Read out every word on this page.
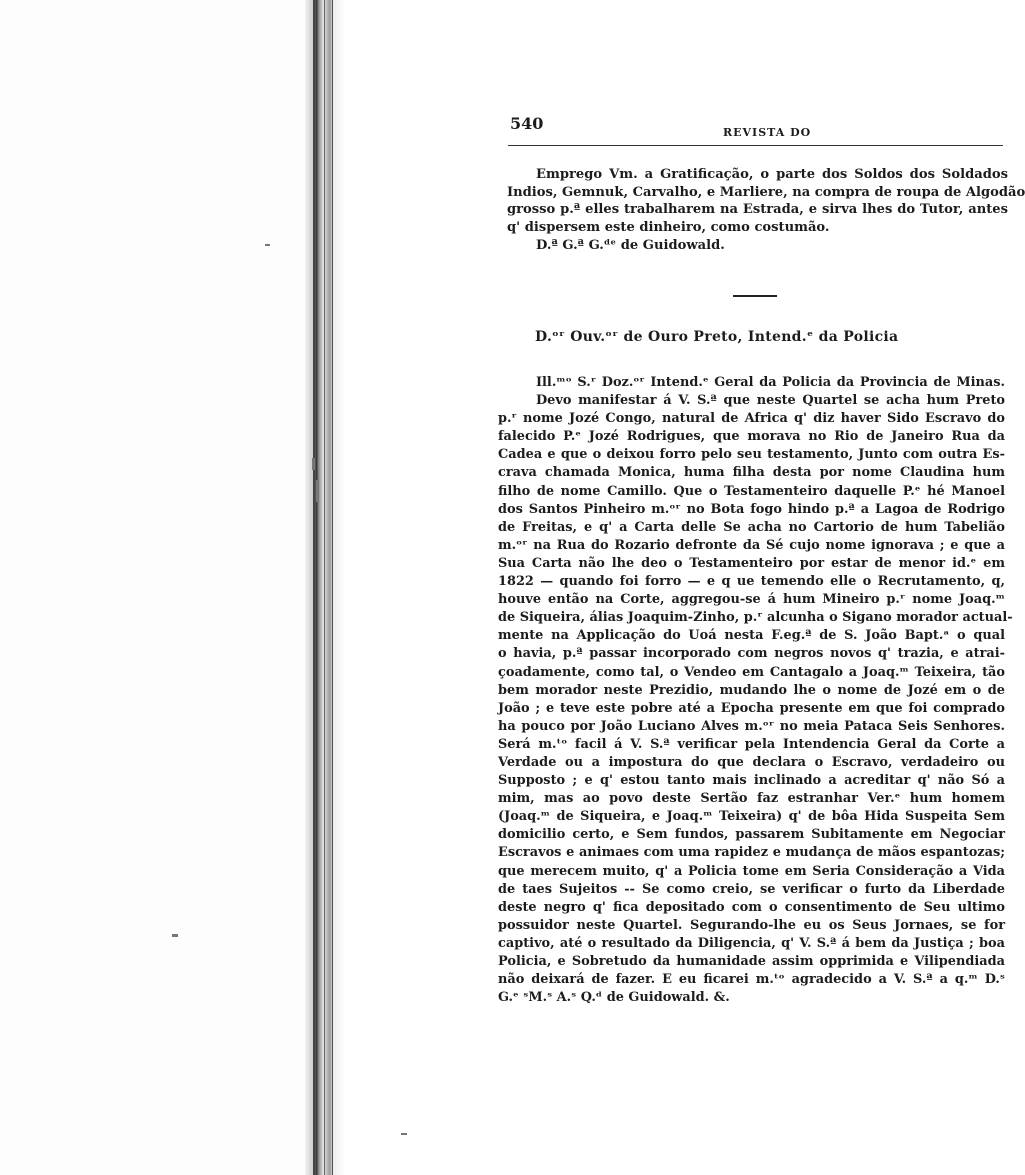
540	REVISTA DO
Emprego Vm. a Gratificação, o parte dos Soldos dos Soldados
Indios, Gemnuk, Carvalho, e Marliere, na compra de roupa de Algodão
grosso p.ª elles trabalharem na Estrada, e sirva lhes do Tutor, antes
q' dispersem este dinheiro, como costumão.
D.ª G.ª G.ᵈᵉ de Guidowald.
D.ᵒʳ Ouv.ᵒʳ de Ouro Preto, Intend.ᵉ da Policia
Ill.ᵐᵒ S.ʳ Doz.ᵒʳ Intend.ᵉ Geral da Policia da Provincia de Minas.
Devo manifestar á V. S.ª que neste Quartel se acha hum Preto
p.ʳ nome Jozé Congo, natural de Africa q' diz haver Sido Escravo do
falecido P.ᵉ Jozé Rodrigues, que morava no Rio de Janeiro Rua da
Cadea e que o deixou forro pelo seu testamento, Junto com outra Es-
crava chamada Monica, huma filha desta por nome Claudina hum
filho de nome Camillo. Que o Testamenteiro daquelle P.ᵉ hé Manoel
dos Santos Pinheiro m.ᵒʳ no Bota fogo hindo p.ª a Lagoa de Rodrigo
de Freitas, e q' a Carta delle Se acha no Cartorio de hum Tabelião
m.ᵒʳ na Rua do Rozario defronte da Sé cujo nome ignorava ; e que a
Sua Carta não lhe deo o Testamenteiro por estar de menor id.ᵉ em
1822 — quando foi forro — e q ue temendo elle o Recrutamento, q,
houve então na Corte, aggregou-se á hum Mineiro p.ʳ nome Joaq.ᵐ
de Siqueira, álias Joaquim-Zinho, p.ʳ alcunha o Sigano morador actual-
mente na Applicação do Uoá nesta F.eg.ª de S. João Bapt.ᵃ o qual
o havia, p.ª passar incorporado com negros novos q' trazia, e atrai-
çoadamente, como tal, o Vendeo em Cantagalo a Joaq.ᵐ Teixeira, tão
bem morador neste Prezidio, mudando lhe o nome de Jozé em o de
João ; e teve este pobre até a Epocha presente em que foi comprado
ha pouco por João Luciano Alves m.ᵒʳ no meia Pataca Seis Senhores.
Será m.ᵗᵒ facil á V. S.ª verificar pela Intendencia Geral da Corte a
Verdade ou a impostura do que declara o Escravo, verdadeiro ou
Supposto ; e q' estou tanto mais inclinado a acreditar q' não Só a
mim, mas ao povo deste Sertão faz estranhar Ver.ᵉ hum homem
(Joaq.ᵐ de Siqueira, e Joaq.ᵐ Teixeira) q' de bôa Hida Suspeita Sem
domicilio certo, e Sem fundos, passarem Subitamente em Negociar
Escravos e animaes com uma rapidez e mudança de mãos espantozas;
que merecem muito, q' a Policia tome em Seria Consideração a Vida
de taes Sujeitos -- Se como creio, se verificar o furto da Liberdade
deste negro q' fica depositado com o consentimento de Seu ultimo
possuidor neste Quartel. Segurando-lhe eu os Seus Jornaes, se for
captivo, até o resultado da Diligencia, q' V. S.ª á bem da Justiça ; boa
Policia, e Sobretudo da humanidade assim opprimida e Vilipendiada
não deixará de fazer. E eu ficarei m.ᵗᵒ agradecido a V. S.ª a q.ᵐ D.ˢ
G.ᵉ ˢM.ˢ A.ˢ Q.ᵈ de Guidowald. &.
